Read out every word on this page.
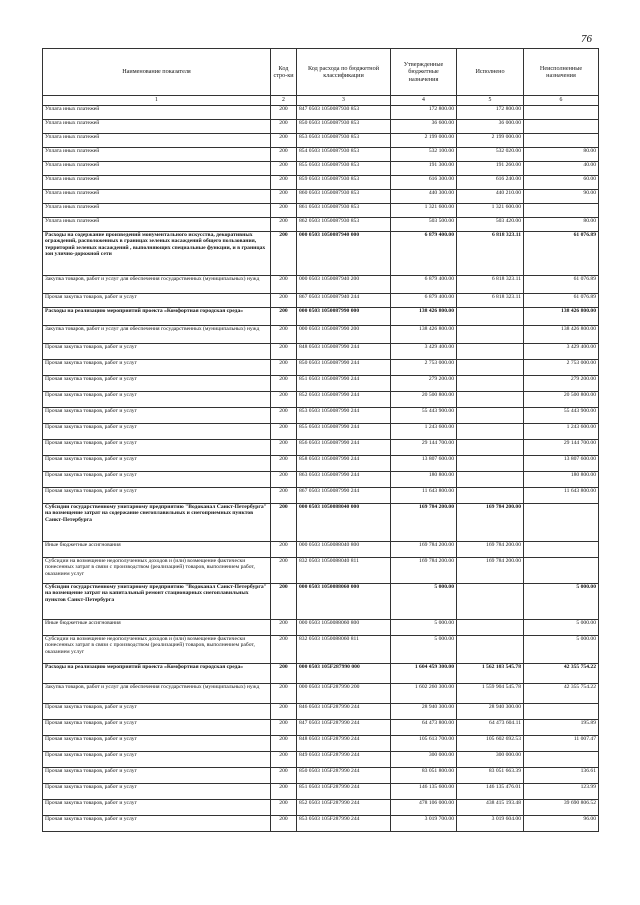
76
Наименование показателя	Код стро-ки	Код расхода по бюджетной классификации	Утвержденные бюджетные назначения	Исполнено	Неисполненные назначения
1	2	3	4	5	6
Уплата иных платежей	200	847 0503 1050087930 853	172 800.00	172 800.00	
Уплата иных платежей	200	850 0503 1050087930 853	36 600.00	36 000.00	
Уплата иных платежей	200	853 0503 1050087930 853	2 199 000.00	2 199 000.00	
Уплата иных платежей	200	854 0503 1050087930 853	532 100.00	532 020.00	80.00
Уплата иных платежей	200	855 0503 1050087930 853	191 300.00	191 260.00	40.00
Уплата иных платежей	200	859 0503 1050087930 853	616 300.00	616 240.00	60.00
Уплата иных платежей	200	860 0503 1050087930 853	440 300.00	440 210.00	90.00
Уплата иных платежей	200	861 0503 1050087930 853	1 321 600.00	1 321 600.00	
Уплата иных платежей	200	862 0503 1050087930 853	503 500.00	503 420.00	80.00
Расходы на содержание произведений монументального искусства, декоративных ограждений, расположенных в границах зеленых насаждений общего пользования, территорий зеленых насаждений , выполняющих специальные функции, и в границах зон улично-дорожной сети	200	000 0503 1050087940 000	6 879 400.00	6 818 323.11	61 076.89
Закупка товаров, работ и услуг для обеспечения государственных (муниципальных) нужд	200	000 0503 1050087940 200	6 879 400.00	6 818 323.11	61 076.89
Прочая закупка товаров, работ и услуг	200	867 0503 1050087940 244	6 879 400.00	6 818 323.11	61 076.89
Расходы на реализацию мероприятий проекта «Комфортная городская среда»	200	000 0503 1050087990 000	138 426 800.00		138 426 800.00
Закупка товаров, работ и услуг для обеспечения государственных (муниципальных) нужд	200	000 0503 1050087990 200	138 426 800.00		138 426 800.00
Прочая закупка товаров, работ и услуг	200	848 0503 1050087990 244	3 429 400.00		3 429 400.00
Прочая закупка товаров, работ и услуг	200	850 0503 1050087990 244	2 753 000.00		2 753 000.00
Прочая закупка товаров, работ и услуг	200	851 0503 1050087990 244	279 200.00		279 200.00
Прочая закупка товаров, работ и услуг	200	852 0503 1050087990 244	20 500 800.00		20 500 800.00
Прочая закупка товаров, работ и услуг	200	853 0503 1050087990 244	55 443 900.00		55 443 900.00
Прочая закупка товаров, работ и услуг	200	855 0503 1050087990 244	1 243 600.00		1 243 600.00
Прочая закупка товаров, работ и услуг	200	856 0503 1050087990 244	29 144 700.00		29 144 700.00
Прочая закупка товаров, работ и услуг	200	858 0503 1050087990 244	13 807 600.00		13 807 600.00
Прочая закупка товаров, работ и услуг	200	863 0503 1050087990 244	180 800.00		180 800.00
Прочая закупка товаров, работ и услуг	200	867 0503 1050087990 244	11 643 800.00		11 643 800.00
Субсидии государственному унитарному предприятию "Водоканал Санкт-Петербурга" на возмещение затрат на содержание снегоплавильных и снегоприемных пунктов Санкт-Петербурга	200	000 0503 1050088040 000	169 784 200.00	169 784 200.00	
Иные бюджетные ассигнования	200	000 0503 1050088040 800	169 784 200.00	169 784 200.00	
Субсидии на возмещение недополученных доходов и (или) возмещение фактически понесенных затрат в связи с производством (реализацией) товаров, выполнением работ, оказанием услуг	200	832 0503 1050088040 811	169 784 200.00	169 784 200.00	
Субсидии государственному унитарному предприятию "Водоканал Санкт-Петербурга" на возмещение затрат на капитальный ремонт стационарных снегоплавильных пунктов Санкт-Петербурга	200	000 0503 1050088060 000	5 000.00		5 000.00
Иные бюджетные ассигнования	200	000 0503 1050088060 800	5 000.00		5 000.00
Субсидии на возмещение недополученных доходов и (или) возмещение фактически понесенных затрат в связи с производством (реализацией) товаров, выполнением работ, оказанием услуг	200	832 0503 1050088060 811	5 000.00		5 000.00
Расходы на реализацию мероприятий проекта «Комфортная городская среда»	200	000 0503 105F287990 000	1 604 459 300.00	1 562 103 545.78	42 355 754.22
Закупка товаров, работ и услуг для обеспечения государственных (муниципальных) нужд	200	000 0503 105F287990 200	1 602 260 300.00	1 559 904 545.78	42 355 754.22
Прочая закупка товаров, работ и услуг	200	846 0503 105F287990 244	28 940 300.00	28 940 300.00	
Прочая закупка товаров, работ и услуг	200	847 0503 105F287990 244	64 473 800.00	64 473 604.11	195.89
Прочая закупка товаров, работ и услуг	200	848 0503 105F287990 244	105 613 700.00	105 602 692.53	11 007.47
Прочая закупка товаров, работ и услуг	200	849 0503 105F287990 244	300 000.00	300 000.00	
Прочая закупка товаров, работ и услуг	200	850 0503 105F287990 244	83 051 800.00	83 051 663.39	136.61
Прочая закупка товаров, работ и услуг	200	851 0503 105F287990 244	146 135 600.00	146 135 476.01	123.99
Прочая закупка товаров, работ и услуг	200	852 0503 105F287990 244	478 106 000.00	438 415 193.48	39 690 806.52
Прочая закупка товаров, работ и услуг	200	853 0503 105F287990 244	3 019 700.00	3 019 604.00	96.00
